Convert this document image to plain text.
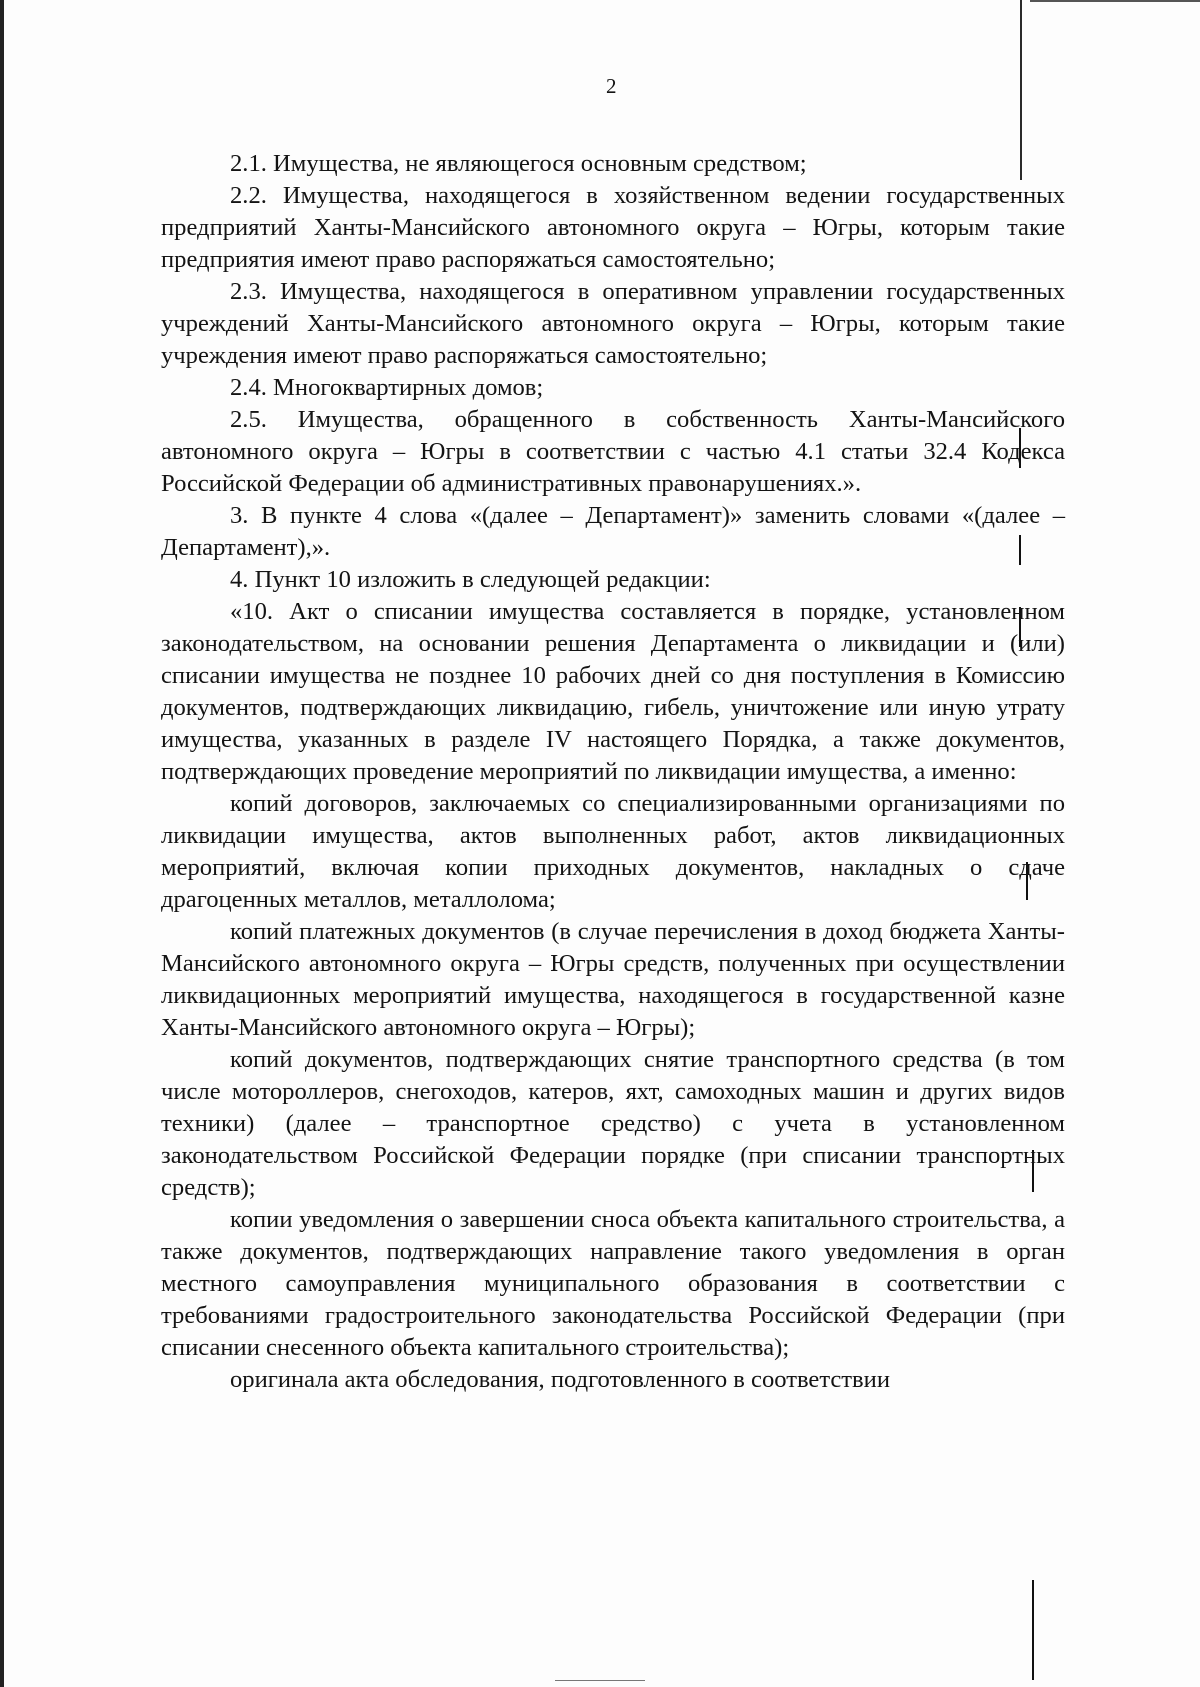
2

2.1. Имущества, не являющегося основным средством;

2.2. Имущества, находящегося в хозяйственном ведении государственных предприятий Ханты-Мансийского автономного округа – Югры, которым такие предприятия имеют право распоряжаться самостоятельно;

2.3. Имущества, находящегося в оперативном управлении государственных учреждений Ханты-Мансийского автономного округа – Югры, которым такие учреждения имеют право распоряжаться самостоятельно;

2.4. Многоквартирных домов;

2.5. Имущества, обращенного в собственность Ханты-Мансийского автономного округа – Югры в соответствии с частью 4.1 статьи 32.4 Кодекса Российской Федерации об административных правонарушениях.».

3. В пункте 4 слова «(далее – Департамент)» заменить словами «(далее – Департамент),».

4. Пункт 10 изложить в следующей редакции:

«10. Акт о списании имущества составляется в порядке, установленном законодательством, на основании решения Департамента о ликвидации и (или) списании имущества не позднее 10 рабочих дней со дня поступления в Комиссию документов, подтверждающих ликвидацию, гибель, уничтожение или иную утрату имущества, указанных в разделе IV настоящего Порядка, а также документов, подтверждающих проведение мероприятий по ликвидации имущества, а именно:

копий договоров, заключаемых со специализированными организациями по ликвидации имущества, актов выполненных работ, актов ликвидационных мероприятий, включая копии приходных документов, накладных о сдаче драгоценных металлов, металлолома;

копий платежных документов (в случае перечисления в доход бюджета Ханты-Мансийского автономного округа – Югры средств, полученных при осуществлении ликвидационных мероприятий имущества, находящегося в государственной казне Ханты-Мансийского автономного округа – Югры);

копий документов, подтверждающих снятие транспортного средства (в том числе мотороллеров, снегоходов, катеров, яхт, самоходных машин и других видов техники) (далее – транспортное средство) с учета в установленном законодательством Российской Федерации порядке (при списании транспортных средств);

копии уведомления о завершении сноса объекта капитального строительства, а также документов, подтверждающих направление такого уведомления в орган местного самоуправления муниципального образования в соответствии с требованиями градостроительного законодательства Российской Федерации (при списании снесенного объекта капитального строительства);

оригинала акта обследования, подготовленного в соответствии
